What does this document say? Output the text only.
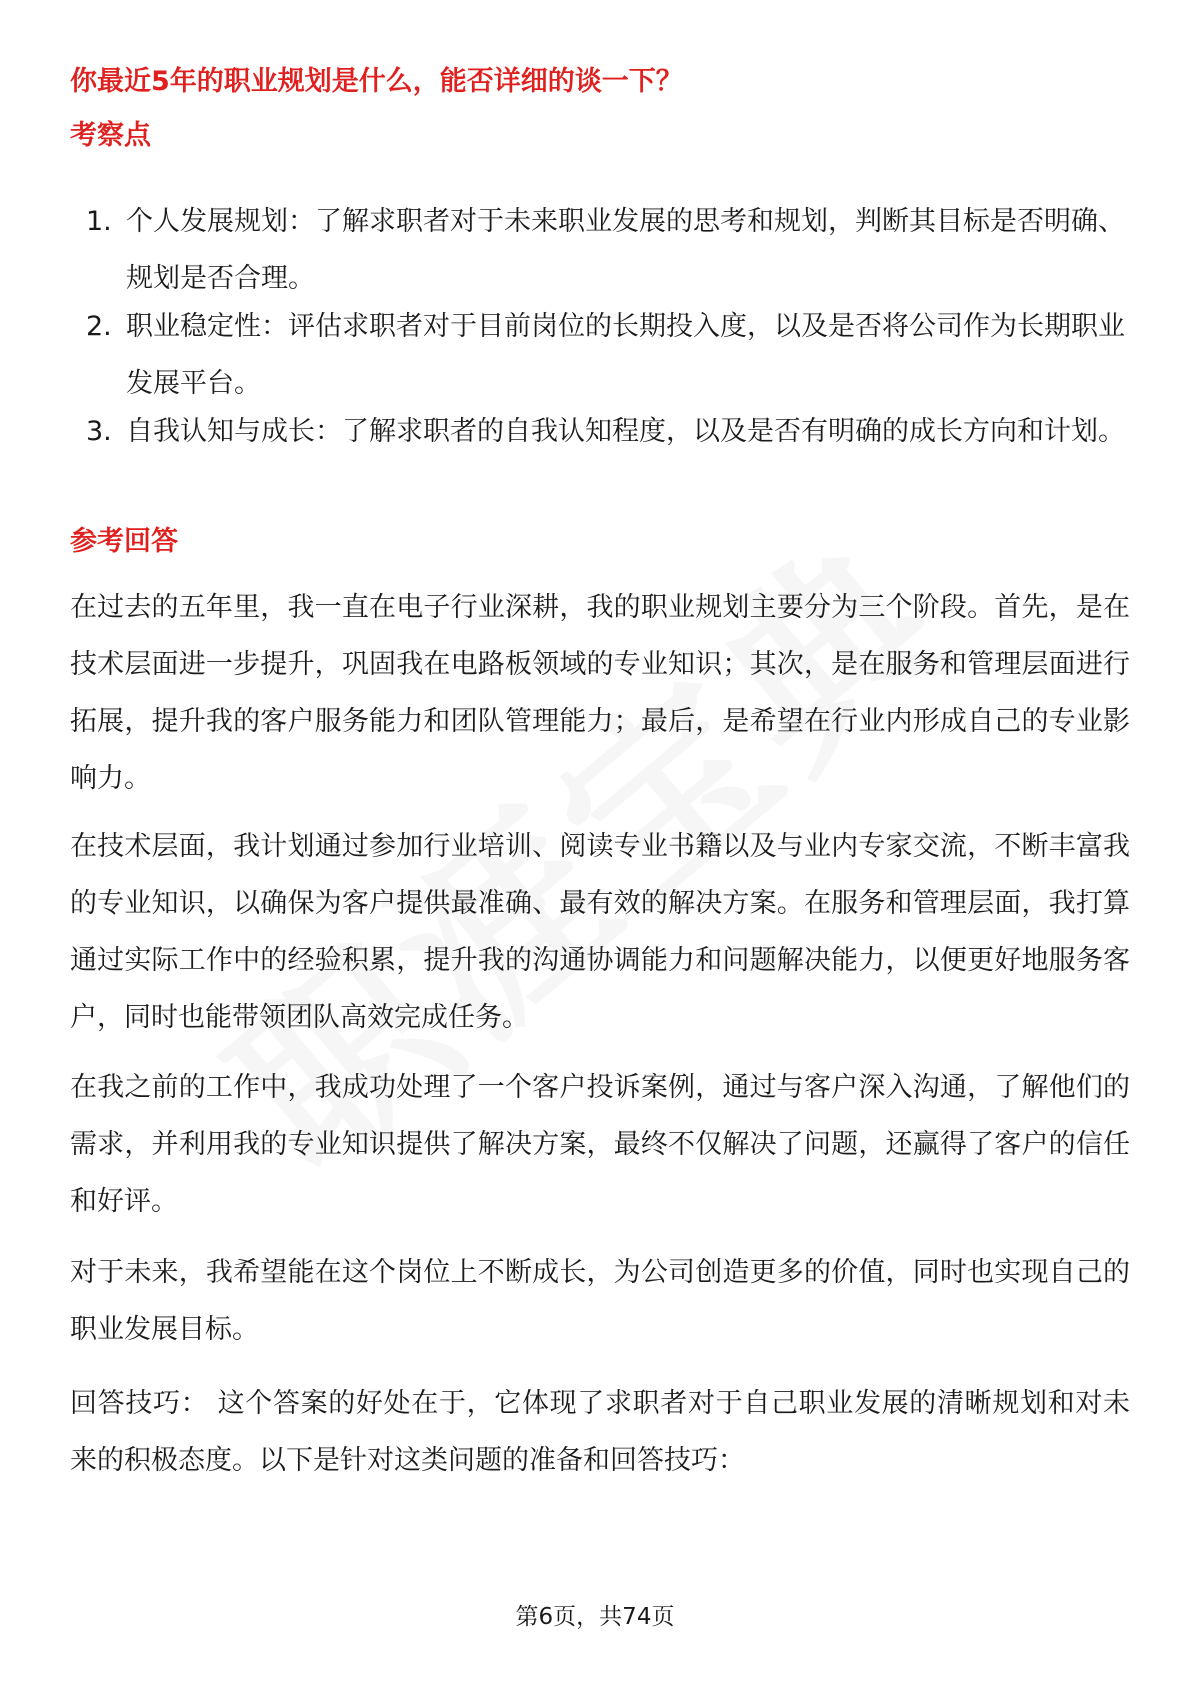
你最近5年的职业规划是什么，能否详细的谈一下？
考察点
1. 个人发展规划：了解求职者对于未来职业发展的思考和规划，判断其目标是否明确、规划是否合理。
2. 职业稳定性：评估求职者对于目前岗位的长期投入度，以及是否将公司作为长期职业发展平台。
3. 自我认知与成长：了解求职者的自我认知程度，以及是否有明确的成长方向和计划。
参考回答

在过去的五年里，我一直在电子行业深耕，我的职业规划主要分为三个阶段。首先，是在技术层面进一步提升，巩固我在电路板领域的专业知识；其次，是在服务和管理层面进行拓展，提升我的客户服务能力和团队管理能力；最后，是希望在行业内形成自己的专业影响力。

在技术层面，我计划通过参加行业培训、阅读专业书籍以及与业内专家交流，不断丰富我的专业知识，以确保为客户提供最准确、最有效的解决方案。在服务和管理层面，我打算通过实际工作中的经验积累，提升我的沟通协调能力和问题解决能力，以便更好地服务客户，同时也能带领团队高效完成任务。

在我之前的工作中，我成功处理了一个客户投诉案例，通过与客户深入沟通，了解他们的需求，并利用我的专业知识提供了解决方案，最终不仅解决了问题，还赢得了客户的信任和好评。

对于未来，我希望能在这个岗位上不断成长，为公司创造更多的价值，同时也实现自己的职业发展目标。

回答技巧： 这个答案的好处在于，它体现了求职者对于自己职业发展的清晰规划和对未来的积极态度。以下是针对这类问题的准备和回答技巧：

第6页，共74页
